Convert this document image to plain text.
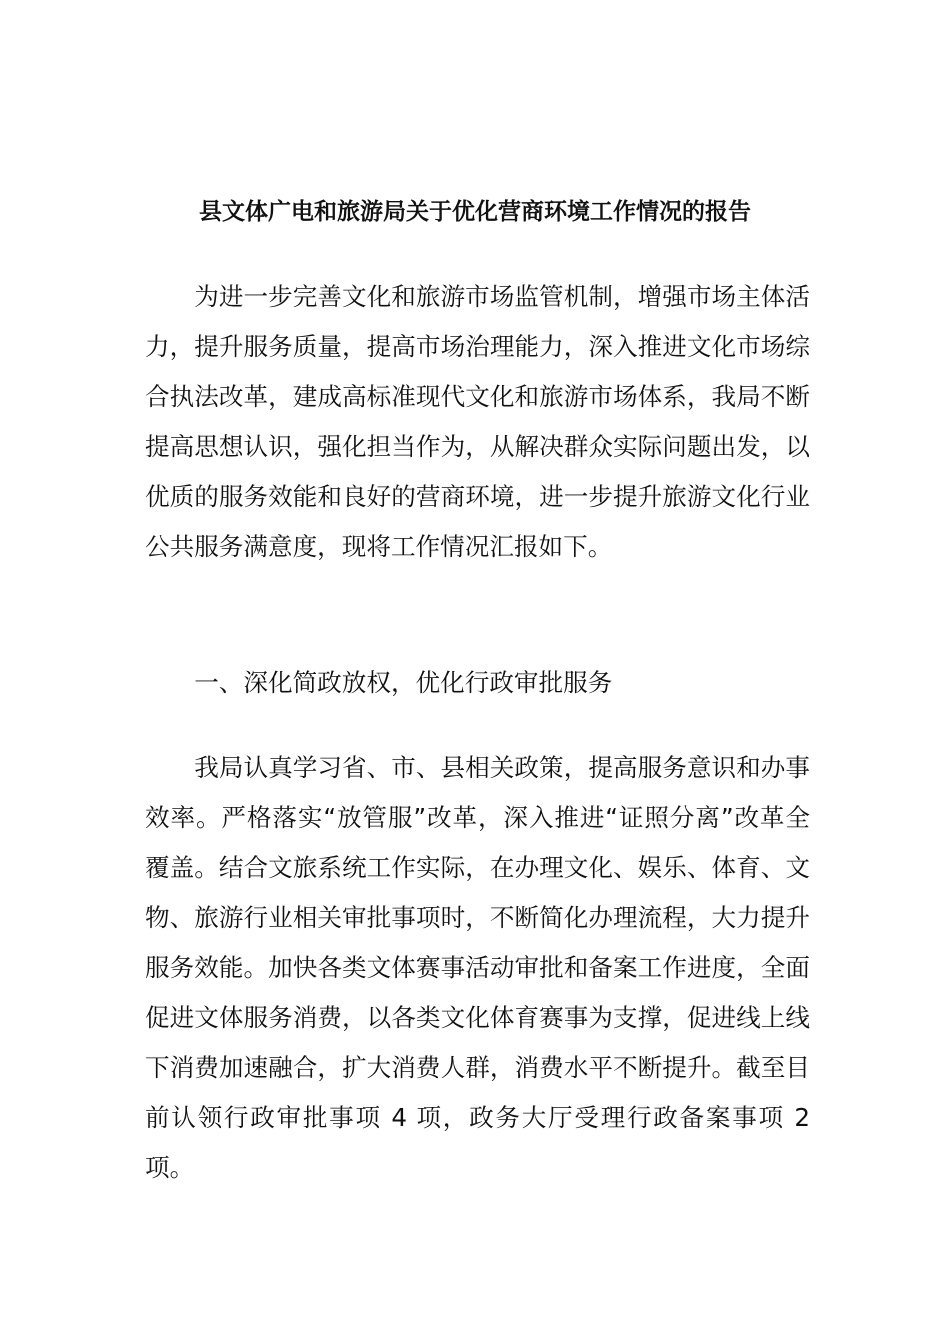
县文体广电和旅游局关于优化营商环境工作情况的报告

为进一步完善文化和旅游市场监管机制，增强市场主体活力，提升服务质量，提高市场治理能力，深入推进文化市场综合执法改革，建成高标准现代文化和旅游市场体系，我局不断提高思想认识，强化担当作为，从解决群众实际问题出发，以优质的服务效能和良好的营商环境，进一步提升旅游文化行业公共服务满意度，现将工作情况汇报如下。

一、深化简政放权，优化行政审批服务

我局认真学习省、市、县相关政策，提高服务意识和办事效率。严格落实“放管服”改革，深入推进“证照分离”改革全覆盖。结合文旅系统工作实际，在办理文化、娱乐、体育、文物、旅游行业相关审批事项时，不断简化办理流程，大力提升服务效能。加快各类文体赛事活动审批和备案工作进度，全面促进文体服务消费，以各类文化体育赛事为支撑，促进线上线下消费加速融合，扩大消费人群，消费水平不断提升。截至目前认领行政审批事项 4 项，政务大厅受理行政备案事项 2 项。
